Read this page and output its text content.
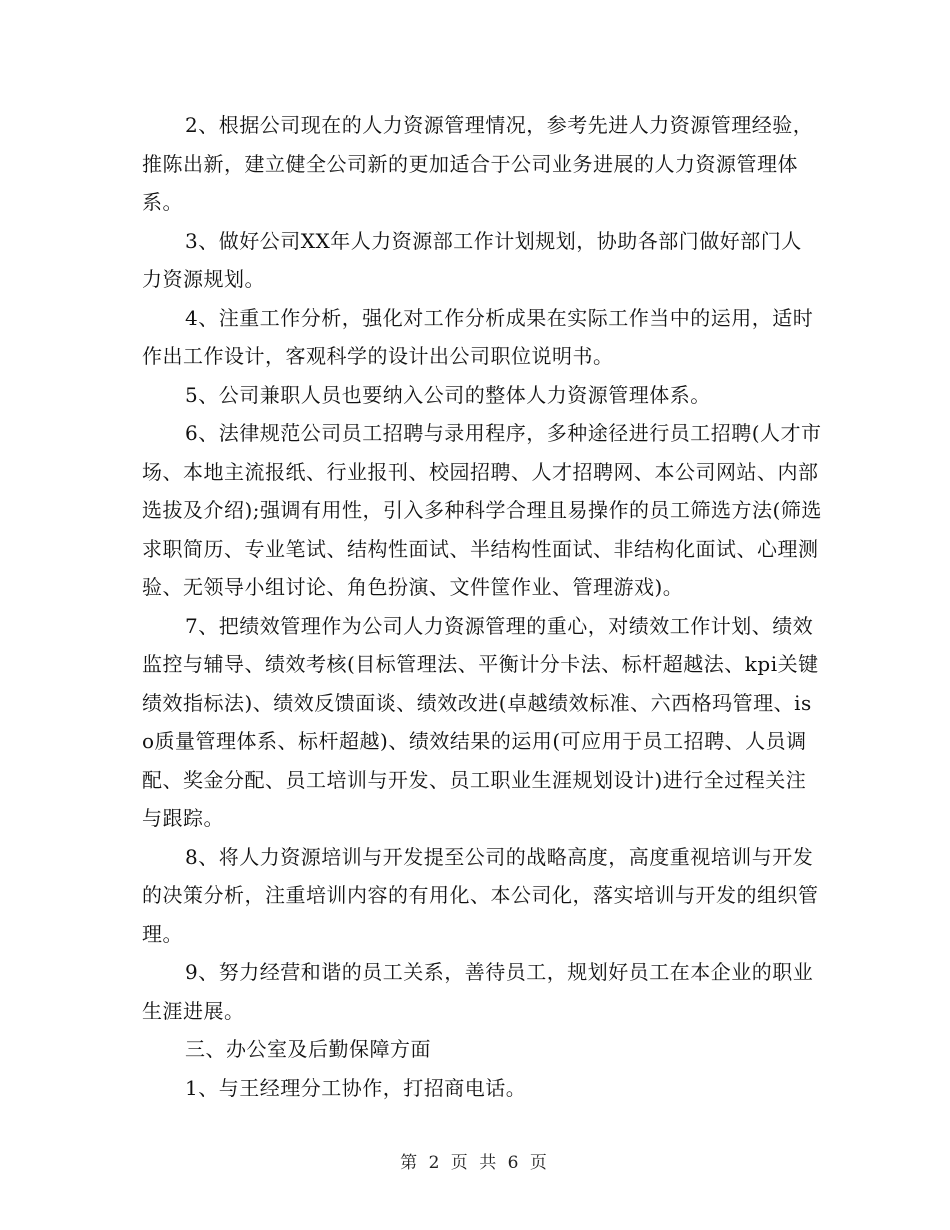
2、根据公司现在的人力资源管理情况，参考先进人力资源管理经验，推陈出新，建立健全公司新的更加适合于公司业务进展的人力资源管理体系。

3、做好公司XX年人力资源部工作计划规划，协助各部门做好部门人力资源规划。

4、注重工作分析，强化对工作分析成果在实际工作当中的运用，适时作出工作设计，客观科学的设计出公司职位说明书。

5、公司兼职人员也要纳入公司的整体人力资源管理体系。

6、法律规范公司员工招聘与录用程序，多种途径进行员工招聘(人才市场、本地主流报纸、行业报刊、校园招聘、人才招聘网、本公司网站、内部选拔及介绍);强调有用性，引入多种科学合理且易操作的员工筛选方法(筛选求职简历、专业笔试、结构性面试、半结构性面试、非结构化面试、心理测验、无领导小组讨论、角色扮演、文件筐作业、管理游戏)。

7、把绩效管理作为公司人力资源管理的重心，对绩效工作计划、绩效监控与辅导、绩效考核(目标管理法、平衡计分卡法、标杆超越法、kpi关键绩效指标法)、绩效反馈面谈、绩效改进(卓越绩效标准、六西格玛管理、iso质量管理体系、标杆超越)、绩效结果的运用(可应用于员工招聘、人员调配、奖金分配、员工培训与开发、员工职业生涯规划设计)进行全过程关注与跟踪。

8、将人力资源培训与开发提至公司的战略高度，高度重视培训与开发的决策分析，注重培训内容的有用化、本公司化，落实培训与开发的组织管理。

9、努力经营和谐的员工关系，善待员工，规划好员工在本企业的职业生涯进展。

三、办公室及后勤保障方面

1、与王经理分工协作，打招商电话。

第 2 页 共 6 页
